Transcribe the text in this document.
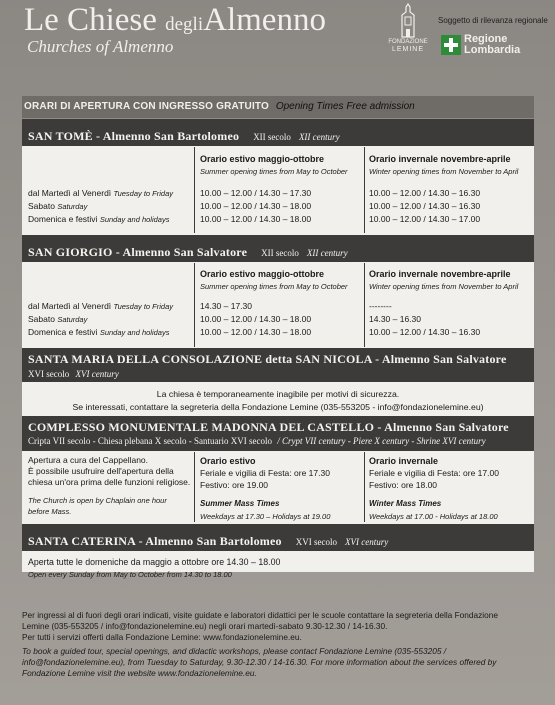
Le Chiese degliAlmenno
Churches of Almenno	FONDAZIONE
LEMINE
Soggetto di rilevanza regionale
Regione
Lombardia
ORARI DI APERTURA CON INGRESSO GRATUITO Opening Times Free admission
SAN TOMÈ - Almenno San Bartolomeo XII secolo XII century
Orario estivo maggio-ottobre
Summer opening times from May to October
Orario invernale novembre-aprile
Winter opening times from November to April
dal Martedì al Venerdì Tuesday to Friday
Sabato Saturday
Domenica e festivi Sunday and holidays
10.00 – 12.00 / 14.30 – 17.30
10.00 – 12.00 / 14.30 – 18.00
10.00 – 12.00 / 14.30 – 18.00
10.00 – 12.00 / 14.30 – 16.30
10.00 – 12.00 / 14.30 – 16.30
10.00 – 12.00 / 14.30 – 17.00
SAN GIORGIO - Almenno San Salvatore XII secolo XII century
Orario estivo maggio-ottobre
Summer opening times from May to October
Orario invernale novembre-aprile
Winter opening times from November to April
dal Martedì al Venerdì Tuesday to Friday
Sabato Saturday
Domenica e festivi Sunday and holidays
14.30 – 17.30
10.00 – 12.00 / 14.30 – 18.00
10.00 – 12.00 / 14.30 – 18.00
--------
14.30 – 16.30
10.00 – 12.00 / 14.30 – 16.30
SANTA MARIA DELLA CONSOLAZIONE detta SAN NICOLA - Almenno San Salvatore
XVI secolo XVI century
La chiesa è temporaneamente inagibile per motivi di sicurezza.
Se interessati, contattare la segreteria della Fondazione Lemine (035-553205 - info@fondazionelemine.eu)
COMPLESSO MONUMENTALE MADONNA DEL CASTELLO - Almenno San Salvatore
Cripta VII secolo - Chiesa plebana X secolo - Santuario XVI secolo / Crypt VII century - Piere X century - Shrine XVI century
Apertura a cura del Cappellano.
È possibile usufruire dell'apertura della
chiesa un'ora prima delle funzioni religiose.
The Church is open by Chaplain one hour
before Mass.
Orario estivo
Feriale e vigilia di Festa: ore 17.30
Festivo: ore 19.00
Summer Mass Times
Weekdays at 17.30 – Holidays at 19.00
Orario invernale
Feriale e vigilia di Festa: ore 17.00
Festivo: ore 18.00
Winter Mass Times
Weekdays at 17.00 - Holidays at 18.00
SANTA CATERINA - Almenno San Bartolomeo XVI secolo XVI century
Aperta tutte le domeniche da maggio a ottobre ore 14.30 – 18.00
Open every Sunday from May to October from 14.30 to 18.00

Per ingressi al di fuori degli orari indicati, visite guidate e laboratori didattici per le scuole contattare la segreteria della Fondazione
Lemine (035-553205 / info@fondazionelemine.eu) negli orari martedì-sabato 9.30-12.30 / 14-16.30.
Per tutti i servizi offerti dalla Fondazione Lemine: www.fondazionelemine.eu.

To book a guided tour, special openings, and didactic workshops, please contact Fondazione Lemine (035-553205 /
info@fondazionelemine.eu), from Tuesday to Saturday, 9.30-12.30 / 14-16.30. For more information about the services offered by
Fondazione Lemine visit the website www.fondazionelemine.eu.
